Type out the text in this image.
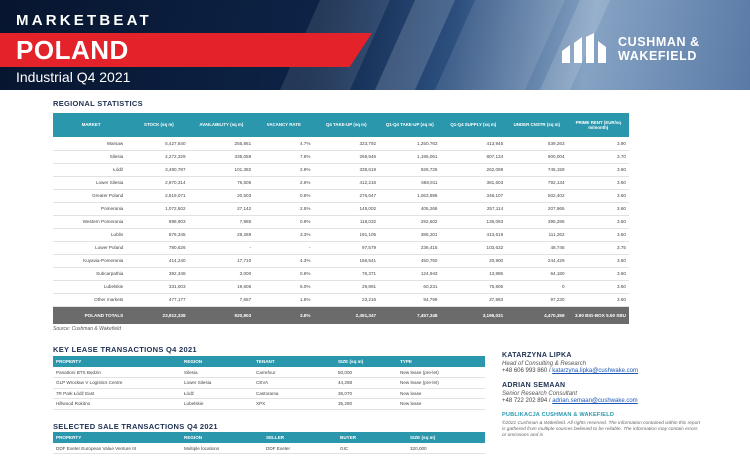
MARKETBEAT
POLAND
Industrial Q4 2021
CUSHMAN &
WAKEFIELD
REGIONAL STATISTICS
MARKET	STOCK (sq m)	AVAILABILITY (sq m)	VACANCY RATE	Q4 TAKE-UP (sq m)	Q1-Q4 TAKE-UP (sq m)	Q1-Q4 SUPPLY (sq m)	UNDER CNSTR (sq m)	PRIME RENT (EUR/sq m/month)
Warsaw	5,427,640	255,861	4.7%	323,792	1,250,763	413,945	539,263	3.90
Silesia	4,272,329	335,059	7.8%	269,946	1,195,061	807,134	900,004	3.70
Łódź	3,480,787	101,382	2.9%	338,619	926,725	262,098	745,159	3.60
Lower Silesia	2,970,314	76,505	2.6%	412,216	668,911	381,603	792,134	3.60
Greater Poland	2,619,071	20,503	0.8%	276,647	1,063,896	348,107	502,402	3.60
Pomerania	1,072,502	27,142	2.5%	145,002	405,266	257,114	207,965	3.60
Western Pomerania	898,903	7,986	0.9%	118,032	292,602	136,093	395,286	3.60
Lublin	876,345	29,289	3.3%	191,105	386,201	413,619	111,262	3.60
Lower Poland	780,626	-	-	97,579	236,415	103,632	48,745	3.75
Kuyavia-Pomerania	414,240	17,710	4.3%	156,541	450,750	20,900	244,429	3.60
Subcarpathia	392,348	3,000	0.8%	76,371	124,943	13,895	64,180	3.60
Lubelskie	331,003	19,606	6.0%	29,891	60,231	75,805	0	3.60
Other markets	477,177	7,657	1.6%	23,216	94,799	37,863	97,230	3.60
POLAND TOTALS	23,912,338	920,903	3.8%	2,451,347	7,457,348	3,196,031	4,470,359	3.90 BIG-BOX 5.50 SBU
Source: Cushman & Wakefield
KEY LEASE TRANSACTIONS Q4 2021
PROPERTY	REGION	TENANT	SIZE (sq m)	TYPE
Panattoni BTS Będzin	Silesia	Carrefour	50,000	New lease (pre-let)
GLP Wrocław V Logistics Centre	Lower Silesia	CEVA	44,288	New lease (pre-let)
7R Park Łódź East	Łódź	Castorama	36,070	New lease
Hillwood Rokitno	Lubelskie	XPX	35,280	New lease
SELECTED SALE TRANSACTIONS Q4 2021
PROPERTY	REGION	SELLER	BUYER	SIZE (sq m)
DDF Exeter European Value Venture III	Multiple locations	DDF Exeter	GIC	320,000
KATARZYNA LIPKA
Head of Consulting & Research
+48 606 993 860 / katarzyna.lipka@cushwake.com
ADRIAN SEMAAN
Senior Research Consultant
+48 722 202 894 / adrian.semaan@cushwake.com
PUBLIKACJA CUSHMAN & WAKEFIELD
©2021 Cushman & Wakefield. All rights reserved. The information contained within this report is gathered from multiple sources believed to be reliable. The information may contain errors or omissions and is
